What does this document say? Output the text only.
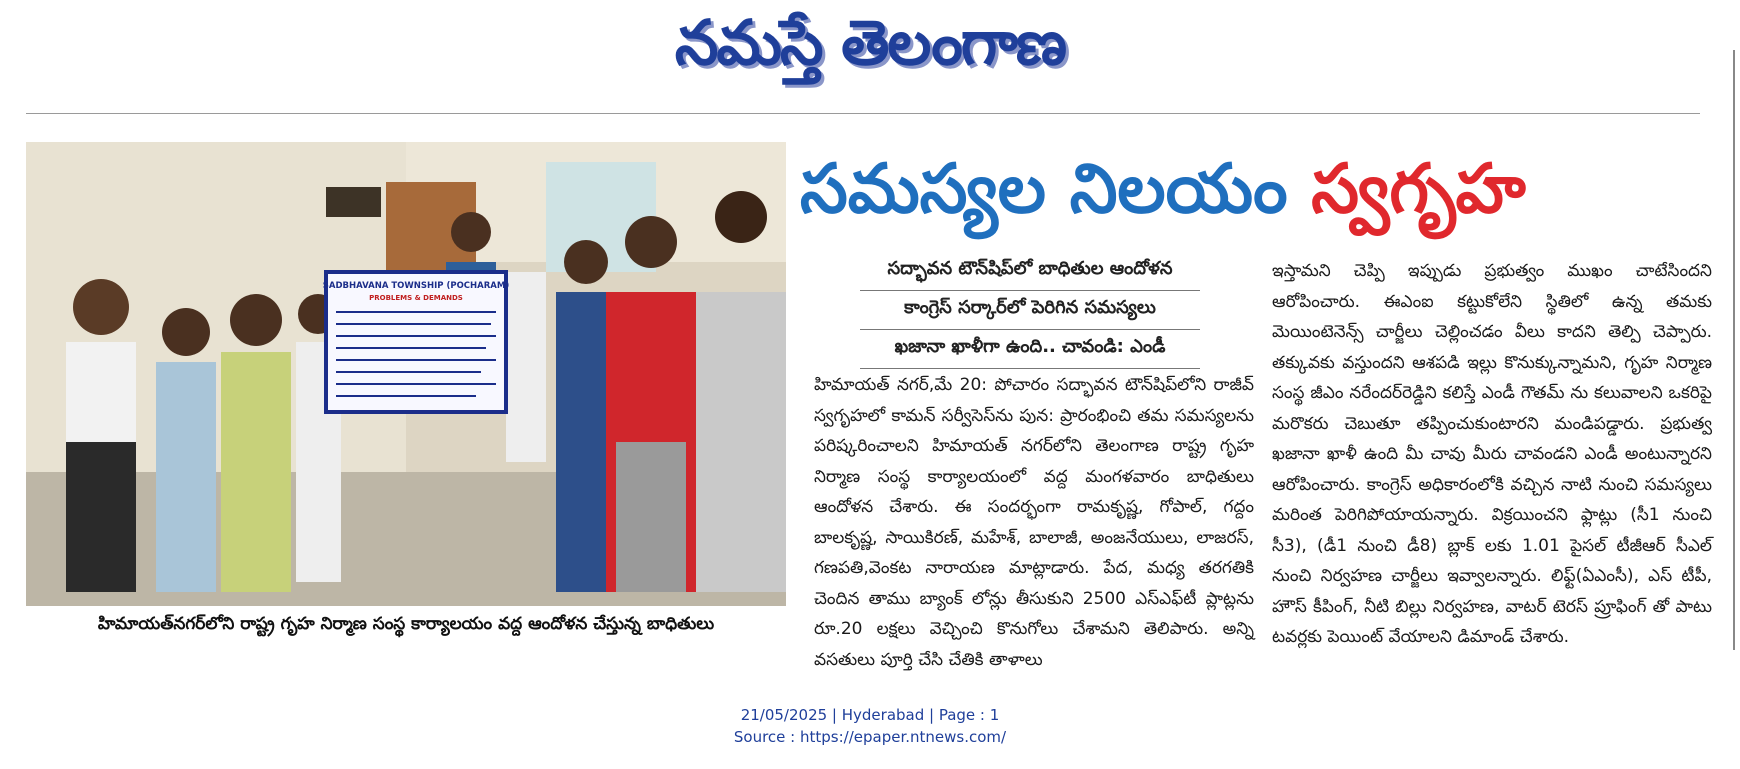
నమస్తే తెలంగాణ
SADBHAVANA TOWNSHIP (POCHARAM)
PROBLEMS & DEMANDS
హిమాయత్‌నగర్‌లోని రాష్ట్ర గృహ నిర్మాణ సంస్థ కార్యాలయం వద్ద ఆందోళన చేస్తున్న బాధితులు
సమస్యల నిలయం స్వగృహ
సద్భావన టౌన్‌షిప్‌లో బాధితుల ఆందోళన
కాంగ్రెస్ సర్కార్‌లో పెరిగిన సమస్యలు
ఖజానా ఖాళీగా ఉంది.. చావండి: ఎండీ
హిమాయత్ నగర్,మే 20: పోచారం సద్భావన టౌన్‌షిప్‌లోని రాజీవ్ స్వగృహలో కామన్ సర్వీసెస్‌ను పున: ప్రారంభించి తమ సమస్యలను పరిష్కరించాలని హిమాయత్ నగర్‌లోని తెలంగాణ రాష్ట్ర గృహ నిర్మాణ సంస్థ కార్యాలయంలో వద్ద మంగళవారం బాధితులు ఆందోళన చేశారు. ఈ సందర్భంగా రామకృష్ణ, గోపాల్, గద్దం బాలకృష్ణ, సాయికిరణ్, మహేశ్, బాలాజీ, అంజనేయులు, లాజరస్, గణపతి,వెంకట నారాయణ మాట్లాడారు. పేద, మధ్య తరగతికి చెందిన తాము బ్యాంక్ లోన్లు తీసుకుని 2500 ఎస్ఎఫ్‌టీ ప్లాట్లను రూ.20 లక్షలు వెచ్చించి కొనుగోలు చేశామని తెలిపారు. అన్ని వసతులు పూర్తి చేసి చేతికి తాళాలు
ఇస్తామని చెప్పి ఇప్పుడు ప్రభుత్వం ముఖం చాటేసిందని ఆరోపించారు. ఈఎంఐ కట్టుకోలేని స్థితిలో ఉన్న తమకు మెయింటెనెన్స్ చార్జీలు చెల్లించడం వీలు కాదని తెల్పి చెప్పారు. తక్కువకు వస్తుందని ఆశపడి ఇల్లు కొనుక్కున్నామని, గృహ నిర్మాణ సంస్థ జీఎం నరేందర్‌రెడ్డిని కలిస్తే ఎండీ గౌతమ్ ను కలువాలని ఒకరిపై మరొకరు చెబుతూ తప్పించుకుంటారని మండిపడ్డారు. ప్రభుత్వ ఖజానా ఖాళీ ఉంది మీ చావు మీరు చావండని ఎండీ అంటున్నారని ఆరోపించారు. కాంగ్రెస్ అధికారంలోకి వచ్చిన నాటి నుంచి సమస్యలు మరింత పెరిగిపోయాయన్నారు. విక్రయించని ఫ్లాట్లు (సీ1 నుంచి సీ3), (డీ1 నుంచి డీ8) బ్లాక్ లకు 1.01 పైసల్ టీజీఆర్ సీఎల్ నుంచి నిర్వహణ చార్జీలు ఇవ్వాలన్నారు. లిఫ్ట్(ఏఎంసీ), ఎస్ టీపీ, హౌస్ కీపింగ్, నీటి బిల్లు నిర్వహణ, వాటర్ టెరస్ ప్రూఫింగ్ తో పాటు టవర్లకు పెయింట్ వేయాలని డిమాండ్ చేశారు.
21/05/2025 | Hyderabad | Page : 1
Source : https://epaper.ntnews.com/
